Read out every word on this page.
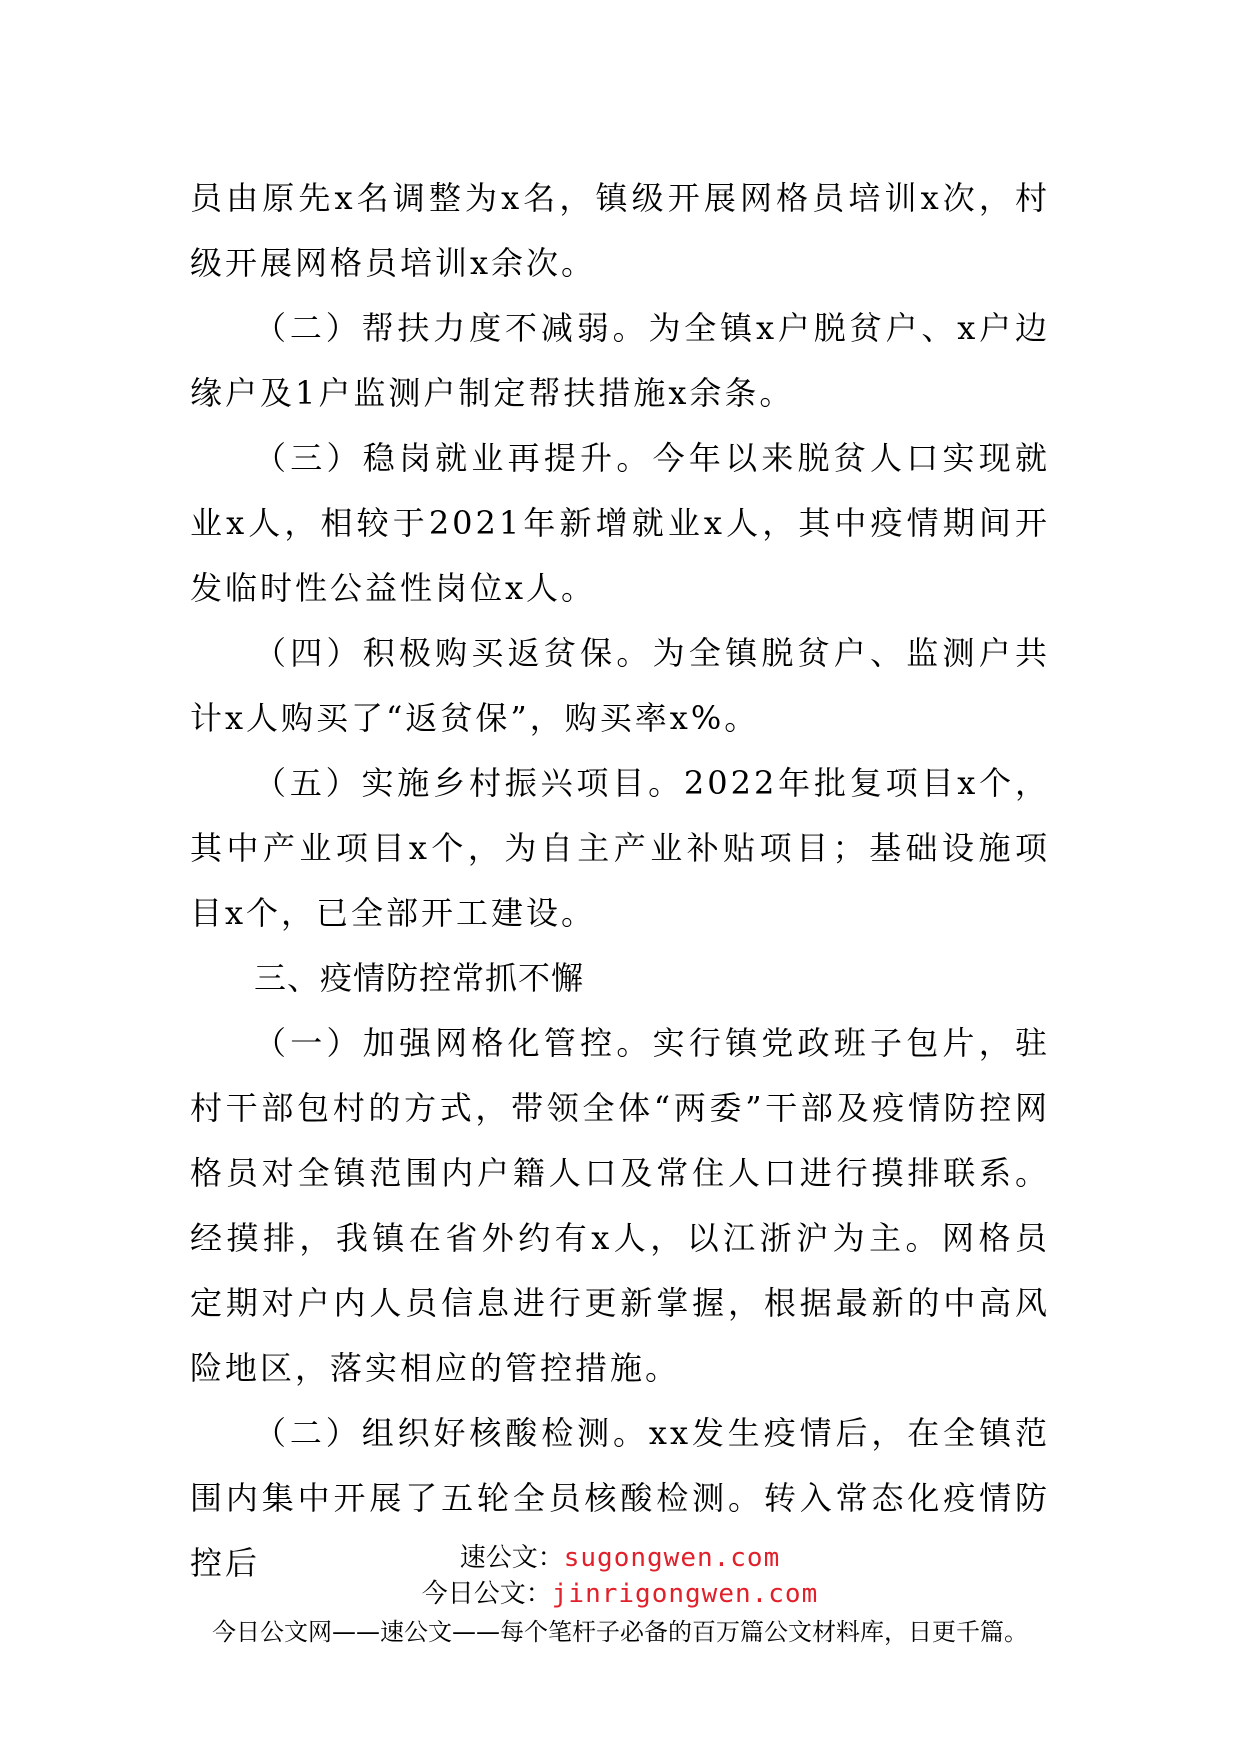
员由原先x名调整为x名，镇级开展网格员培训x次，村级开展网格员培训x余次。

（二）帮扶力度不减弱。为全镇x户脱贫户、x户边缘户及1户监测户制定帮扶措施x余条。

（三）稳岗就业再提升。今年以来脱贫人口实现就业x人，相较于2021年新增就业x人，其中疫情期间开发临时性公益性岗位x人。

（四）积极购买返贫保。为全镇脱贫户、监测户共计x人购买了“返贫保”，购买率x%。

（五）实施乡村振兴项目。2022年批复项目x个，其中产业项目x个，为自主产业补贴项目；基础设施项目x个，已全部开工建设。

三、疫情防控常抓不懈

（一）加强网格化管控。实行镇党政班子包片，驻村干部包村的方式，带领全体“两委”干部及疫情防控网格员对全镇范围内户籍人口及常住人口进行摸排联系。经摸排，我镇在省外约有x人，以江浙沪为主。网格员定期对户内人员信息进行更新掌握，根据最新的中高风险地区，落实相应的管控措施。

（二）组织好核酸检测。xx发生疫情后，在全镇范围内集中开展了五轮全员核酸检测。转入常态化疫情防控后	速公文：sugongwen.com
今日公文：jinrigongwen.com
今日公文网——速公文——每个笔杆子必备的百万篇公文材料库，日更千篇。
